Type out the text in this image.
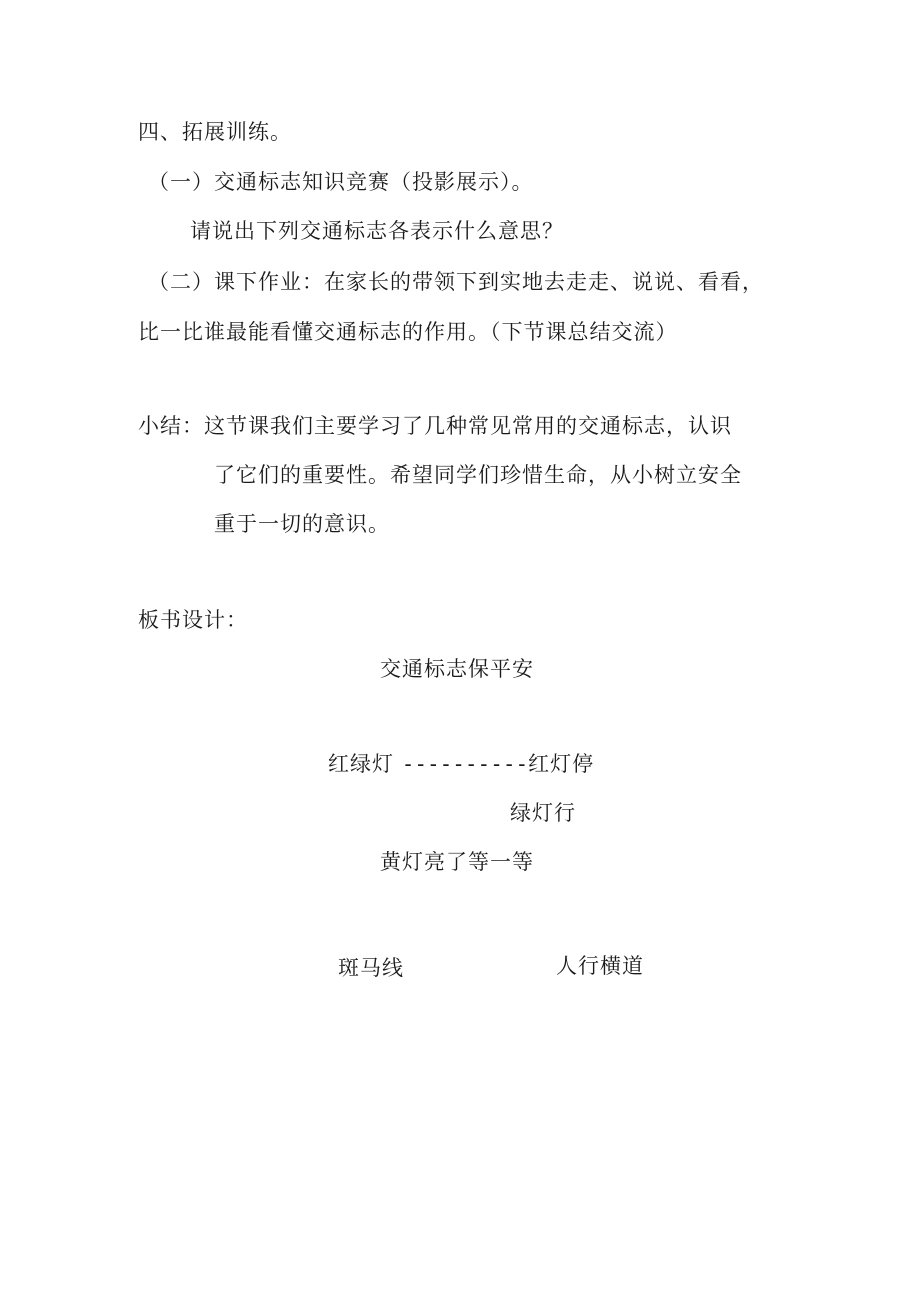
四、拓展训练。
（一）交通标志知识竞赛（投影展示）。
请说出下列交通标志各表示什么意思？
（二）课下作业：在家长的带领下到实地去走走、说说、看看，
比一比谁最能看懂交通标志的作用。（下节课总结交流）
小结：这节课我们主要学习了几种常见常用的交通标志，认识
了它们的重要性。希望同学们珍惜生命，从小树立安全
重于一切的意识。
板书设计：
交通标志保平安
红绿灯 ----------红灯停
绿灯行
黄灯亮了等一等
斑马线	人行横道
